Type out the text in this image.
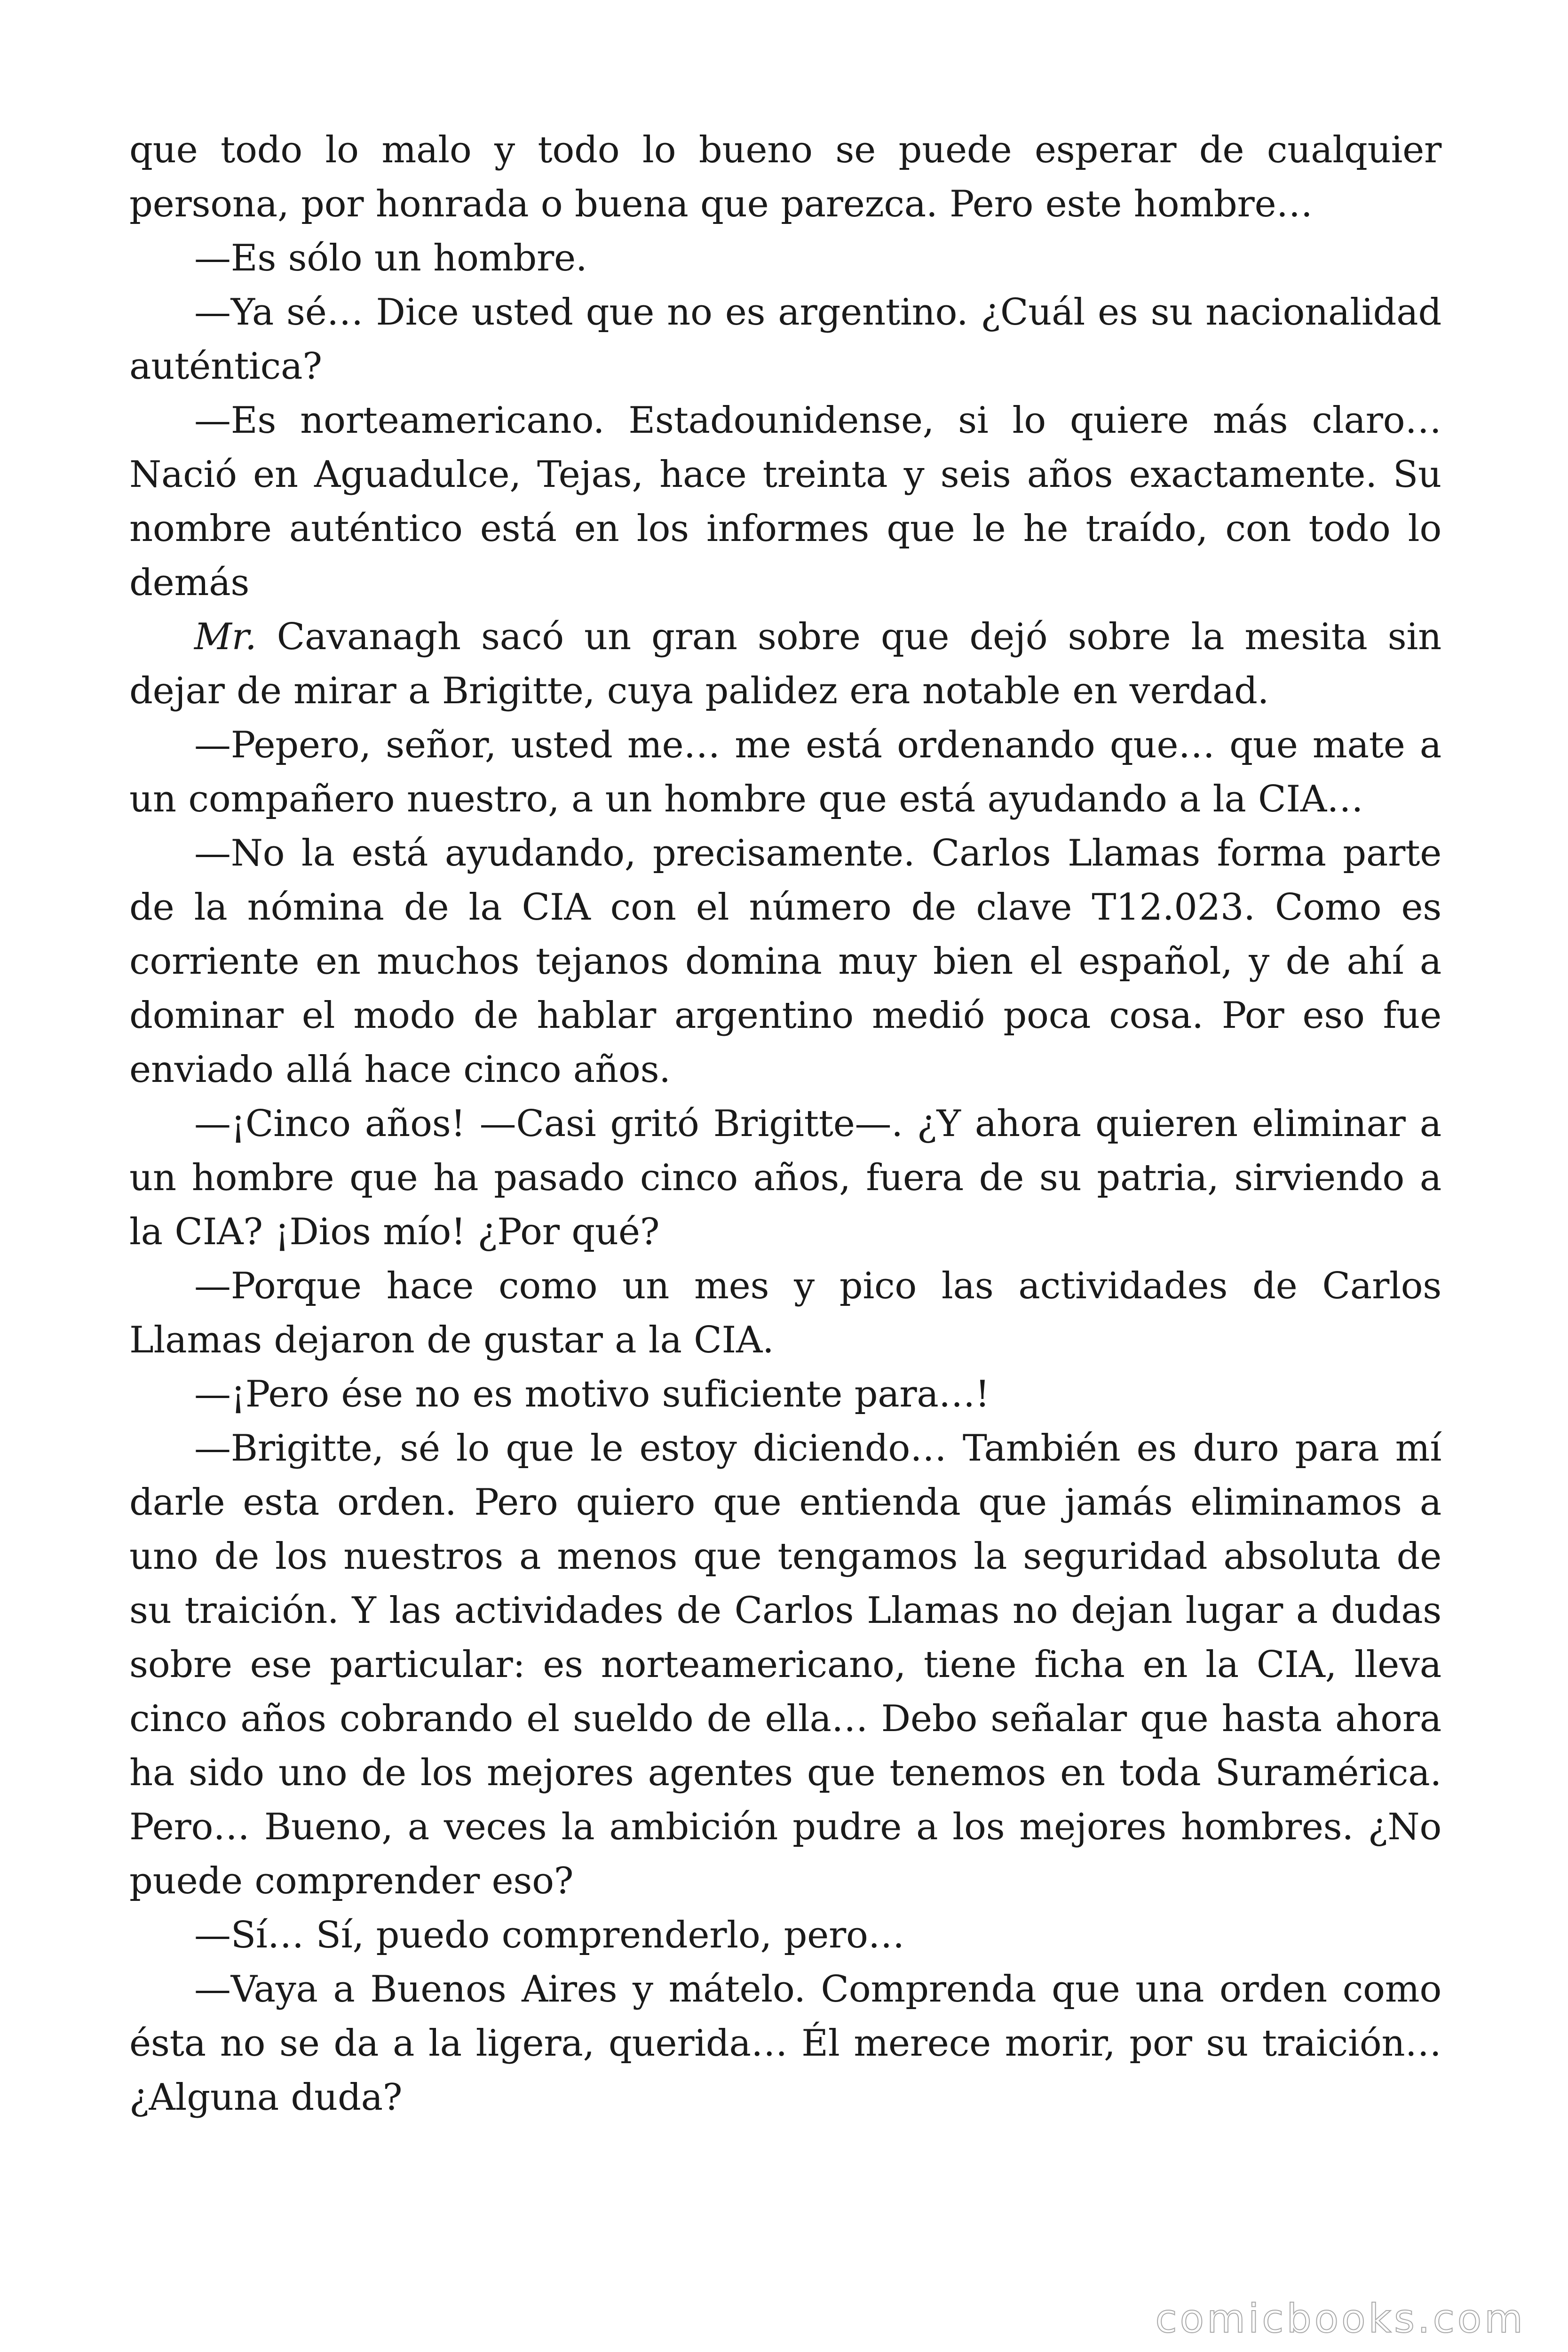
que todo lo malo y todo lo bueno se puede esperar de cualquier persona, por honrada o buena que parezca. Pero este hombre…

—Es sólo un hombre.

—Ya sé… Dice usted que no es argentino. ¿Cuál es su nacionalidad auténtica?

—Es norteamericano. Estadounidense, si lo quiere más claro… Nació en Aguadulce, Tejas, hace treinta y seis años exactamente. Su nombre auténtico está en los informes que le he traído, con todo lo demás

Mr. Cavanagh sacó un gran sobre que dejó sobre la mesita sin dejar de mirar a Brigitte, cuya palidez era notable en verdad.

—Pepero, señor, usted me… me está ordenando que… que mate a un compañero nuestro, a un hombre que está ayudando a la CIA…

—No la está ayudando, precisamente. Carlos Llamas forma parte de la nómina de la CIA con el número de clave T12.023. Como es corriente en muchos tejanos domina muy bien el español, y de ahí a dominar el modo de hablar argentino medió poca cosa. Por eso fue enviado allá hace cinco años.

—¡Cinco años! —Casi gritó Brigitte—. ¿Y ahora quieren eliminar a un hombre que ha pasado cinco años, fuera de su patria, sirviendo a la CIA? ¡Dios mío! ¿Por qué?

—Porque hace como un mes y pico las actividades de Carlos Llamas dejaron de gustar a la CIA.

—¡Pero ése no es motivo suficiente para…!

—Brigitte, sé lo que le estoy diciendo… También es duro para mí darle esta orden. Pero quiero que entienda que jamás eliminamos a uno de los nuestros a menos que tengamos la seguridad absoluta de su traición. Y las actividades de Carlos Llamas no dejan lugar a dudas sobre ese particular: es norteamericano, tiene ficha en la CIA, lleva cinco años cobrando el sueldo de ella… Debo señalar que hasta ahora ha sido uno de los mejores agentes que tenemos en toda Suramérica. Pero… Bueno, a veces la ambición pudre a los mejores hombres. ¿No puede comprender eso?

—Sí… Sí, puedo comprenderlo, pero…

—Vaya a Buenos Aires y mátelo. Comprenda que una orden como ésta no se da a la ligera, querida… Él merece morir, por su traición… ¿Alguna duda?

comicbooks.com
